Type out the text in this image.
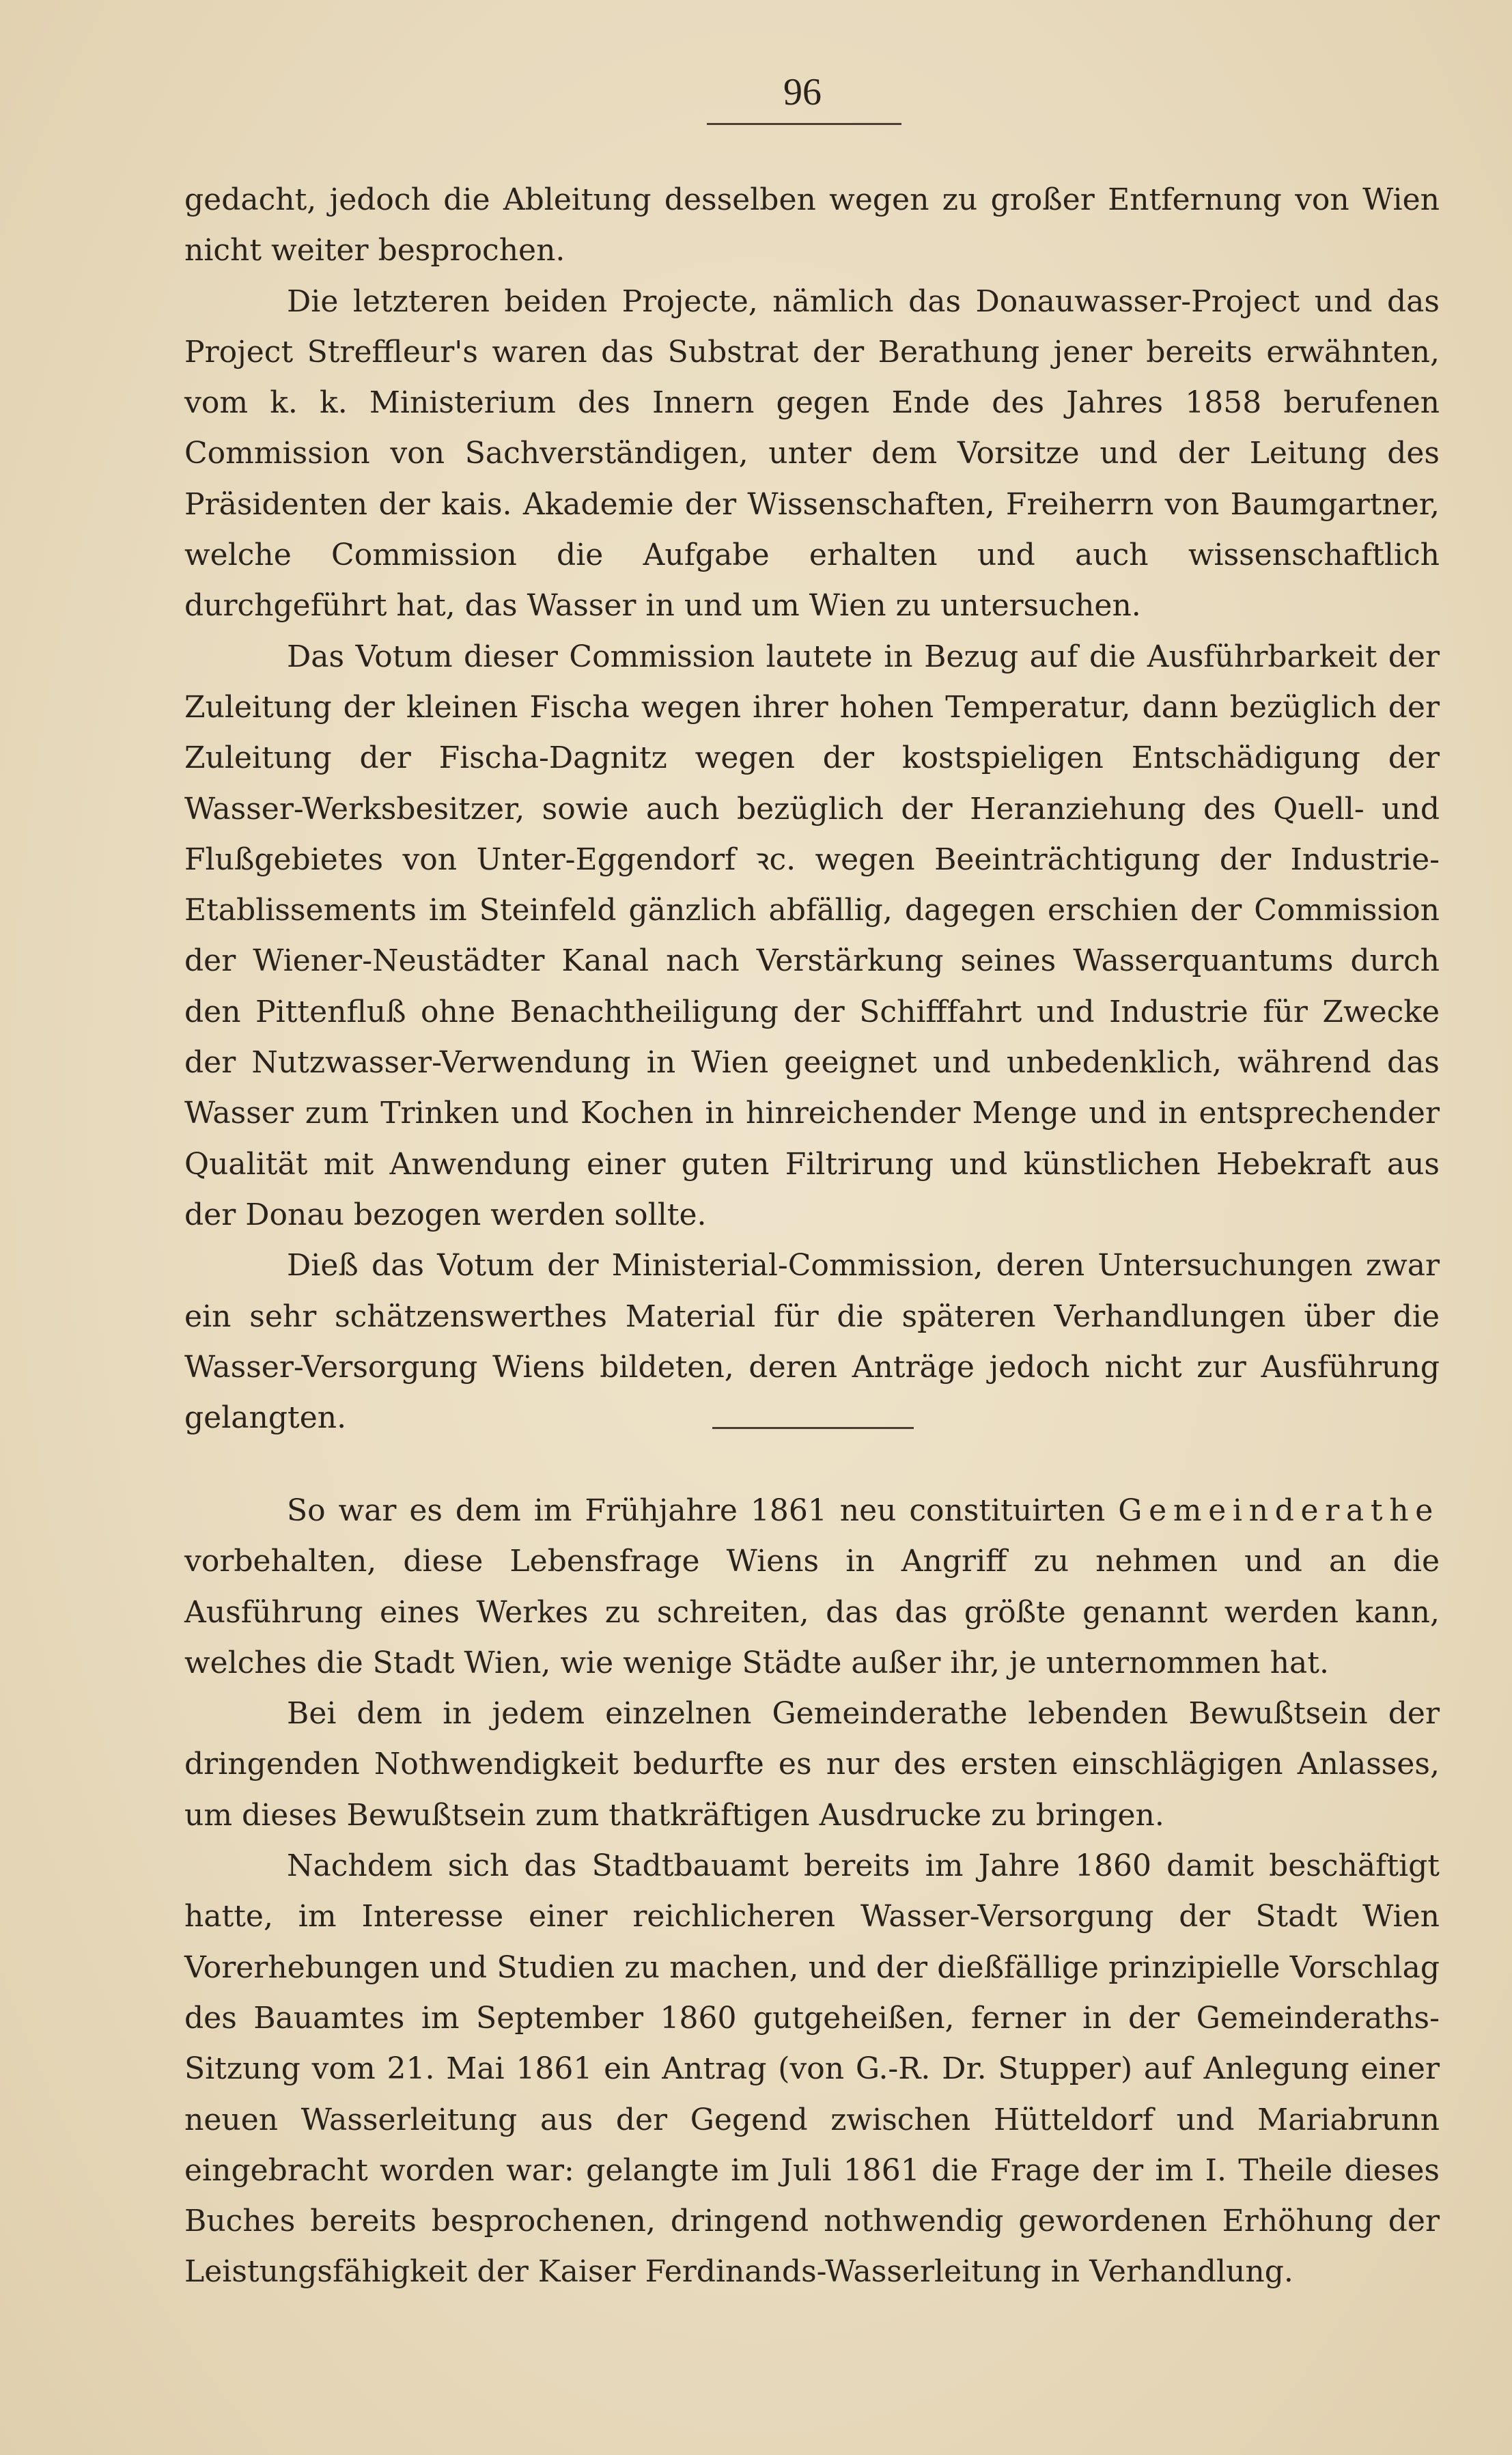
96

gedacht, jedoch die Ableitung desselben wegen zu großer Entfernung von Wien nicht weiter besprochen.

Die letzteren beiden Projecte, nämlich das Donauwasser-Project und das Project Streffleur's waren das Substrat der Berathung jener bereits erwähnten, vom k. k. Ministerium des Innern gegen Ende des Jahres 1858 berufenen Commission von Sachverständigen, unter dem Vorsitze und der Leitung des Präsidenten der kais. Akademie der Wissenschaften, Freiherrn von Baumgartner, welche Commission die Aufgabe erhalten und auch wissenschaftlich durchgeführt hat, das Wasser in und um Wien zu untersuchen.

Das Votum dieser Commission lautete in Bezug auf die Ausführbarkeit der Zuleitung der kleinen Fischa wegen ihrer hohen Temperatur, dann bezüglich der Zuleitung der Fischa-Dagnitz wegen der kostspieligen Entschädigung der Wasser-Werksbesitzer, sowie auch bezüglich der Heranziehung des Quell- und Flußgebietes von Unter-Eggendorf ꝛc. wegen Beeinträchtigung der Industrie-Etablissements im Steinfeld gänzlich abfällig, dagegen erschien der Commission der Wiener-Neustädter Kanal nach Verstärkung seines Wasserquantums durch den Pittenfluß ohne Benachtheiligung der Schifffahrt und Industrie für Zwecke der Nutzwasser-Verwendung in Wien geeignet und unbedenklich, während das Wasser zum Trinken und Kochen in hinreichender Menge und in entsprechender Qualität mit Anwendung einer guten Filtrirung und künstlichen Hebekraft aus der Donau bezogen werden sollte.

Dieß das Votum der Ministerial-Commission, deren Untersuchungen zwar ein sehr schätzenswerthes Material für die späteren Verhandlungen über die Wasser-Versorgung Wiens bildeten, deren Anträge jedoch nicht zur Ausführung gelangten.

So war es dem im Frühjahre 1861 neu constituirten Gemeinderathe vorbehalten, diese Lebensfrage Wiens in Angriff zu nehmen und an die Ausführung eines Werkes zu schreiten, das das größte genannt werden kann, welches die Stadt Wien, wie wenige Städte außer ihr, je unternommen hat.

Bei dem in jedem einzelnen Gemeinderathe lebenden Bewußtsein der dringenden Nothwendigkeit bedurfte es nur des ersten einschlägigen Anlasses, um dieses Bewußtsein zum thatkräftigen Ausdrucke zu bringen.

Nachdem sich das Stadtbauamt bereits im Jahre 1860 damit beschäftigt hatte, im Interesse einer reichlicheren Wasser-Versorgung der Stadt Wien Vorerhebungen und Studien zu machen, und der dießfällige prinzipielle Vorschlag des Bauamtes im September 1860 gutgeheißen, ferner in der Gemeinderaths-Sitzung vom 21. Mai 1861 ein Antrag (von G.-R. Dr. Stupper) auf Anlegung einer neuen Wasserleitung aus der Gegend zwischen Hütteldorf und Mariabrunn eingebracht worden war: gelangte im Juli 1861 die Frage der im I. Theile dieses Buches bereits besprochenen, dringend nothwendig gewordenen Erhöhung der Leistungsfähigkeit der Kaiser Ferdinands-Wasserleitung in Verhandlung.
